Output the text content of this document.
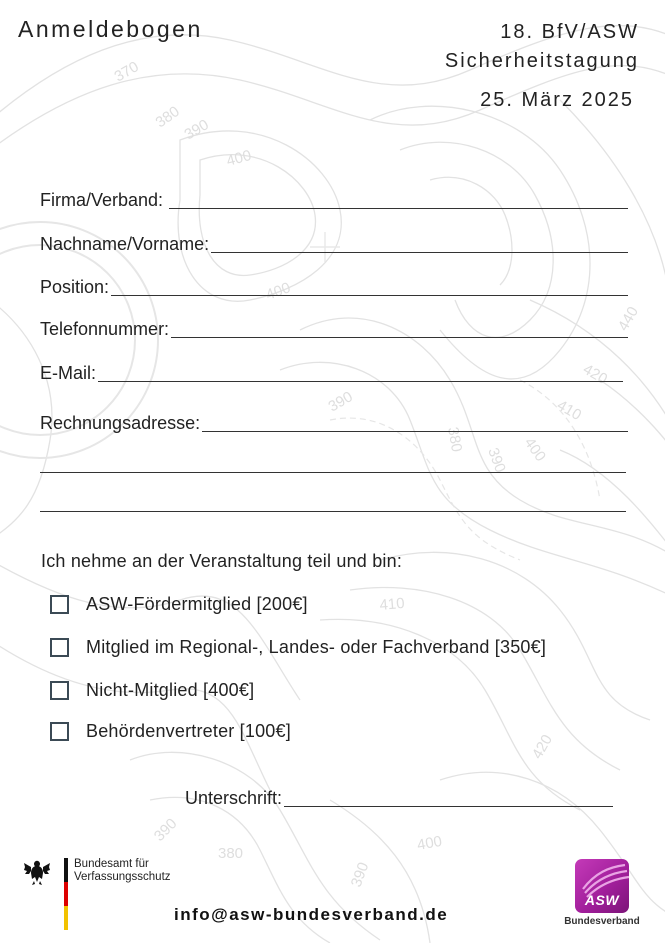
370
380
390
400
400
390
380
390 400
410
420
440
410
420
390
380
390
400
Anmeldebogen	18. BfV/ASW
Sicherheitstagung
25. März 2025
Firma/Verband:
Nachname/Vorname:
Position:
Telefonnummer:
E-Mail:
Rechnungsadresse:
Ich nehme an der Veranstaltung teil und bin:
ASW-Fördermitglied [200€]
Mitglied im Regional-, Landes- oder Fachverband [350€]
Nicht-Mitglied [400€]
Behördenvertreter [100€]
Unterschrift:
Bundesamt für
Verfassungsschutz
info@asw-bundesverband.de
ASW
Bundesverband
